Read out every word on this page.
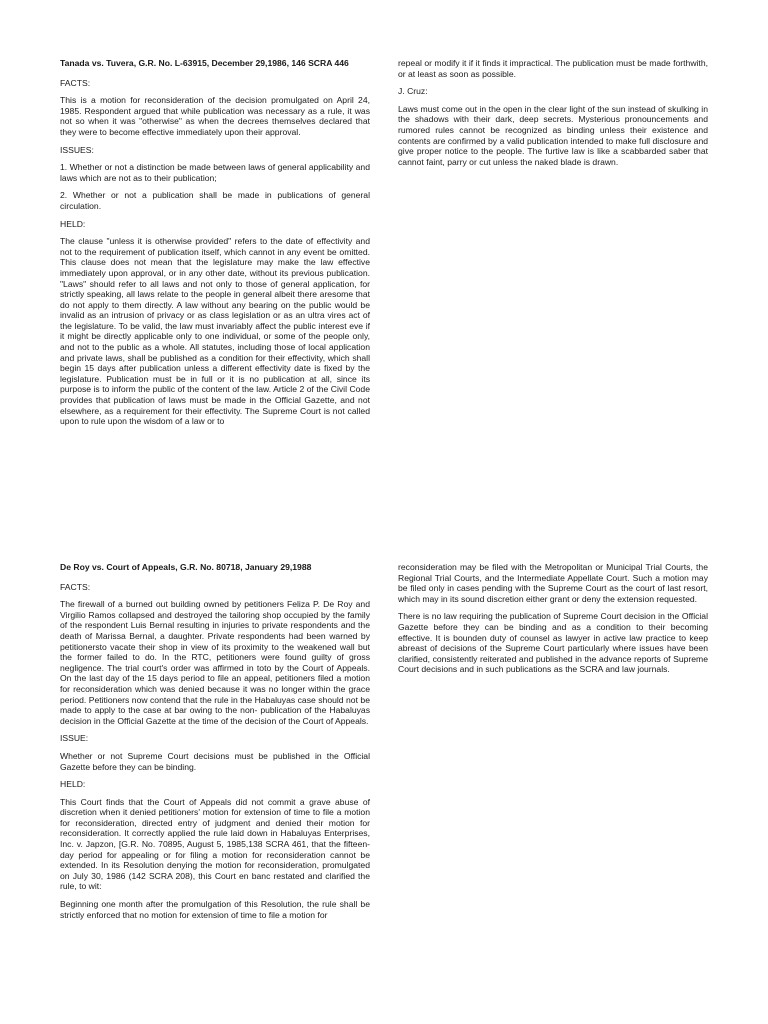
Tanada vs. Tuvera, G.R. No. L-63915, December 29,1986, 146 SCRA 446

FACTS:

This is a motion for reconsideration of the decision promulgated on April 24, 1985. Respondent argued that while publication was necessary as a rule, it was not so when it was "otherwise" as when the decrees themselves declared that they were to become effective immediately upon their approval.

ISSUES:

1. Whether or not a distinction be made between laws of general applicability and laws which are not as to their publication;

2. Whether or not a publication shall be made in publications of general circulation.

HELD:

The clause "unless it is otherwise provided" refers to the date of effectivity and not to the requirement of publication itself, which cannot in any event be omitted. This clause does not mean that the legislature may make the law effective immediately upon approval, or in any other date, without its previous publication. "Laws" should refer to all laws and not only to those of general application, for strictly speaking, all laws relate to the people in general albeit there aresome that do not apply to them directly. A law without any bearing on the public would be invalid as an intrusion of privacy or as class legislation or as an ultra vires act of the legislature. To be valid, the law must invariably affect the public interest eve if it might be directly applicable only to one individual, or some of the people only, and not to the public as a whole. All statutes, including those of local application and private laws, shall be published as a condition for their effectivity, which shall begin 15 days after publication unless a different effectivity date is fixed by the legislature. Publication must be in full or it is no publication at all, since its purpose is to inform the public of the content of the law. Article 2 of the Civil Code provides that publication of laws must be made in the Official Gazette, and not elsewhere, as a requirement for their effectivity. The Supreme Court is not called upon to rule upon the wisdom of a law or to

repeal or modify it if it finds it impractical. The publication must be made forthwith, or at least as soon as possible.

J. Cruz:

Laws must come out in the open in the clear light of the sun instead of skulking in the shadows with their dark, deep secrets. Mysterious pronouncements and rumored rules cannot be recognized as binding unless their existence and contents are confirmed by a valid publication intended to make full disclosure and give proper notice to the people. The furtive law is like a scabbarded saber that cannot faint, parry or cut unless the naked blade is drawn.

De Roy vs. Court of Appeals, G.R. No. 80718, January 29,1988

FACTS:

The firewall of a burned out building owned by petitioners Feliza P. De Roy and Virgilio Ramos collapsed and destroyed the tailoring shop occupied by the family of the respondent Luis Bernal resulting in injuries to private respondents and the death of Marissa Bernal, a daughter. Private respondents had been warned by petitionersto vacate their shop in view of its proximity to the weakened wall but the former failed to do. In the RTC, petitioners were found guilty of gross negligence. The trial court's order was affirmed in toto by the Court of Appeals. On the last day of the 15 days period to file an appeal, petitioners filed a motion for reconsideration which was denied because it was no longer within the grace period. Petitioners now contend that the rule in the Habaluyas case should not be made to apply to the case at bar owing to the non- publication of the Habaluyas decision in the Official Gazette at the time of the decision of the Court of Appeals.

ISSUE:

Whether or not Supreme Court decisions must be published in the Official Gazette before they can be binding.

HELD:

This Court finds that the Court of Appeals did not commit a grave abuse of discretion when it denied petitioners' motion for extension of time to file a motion for reconsideration, directed entry of judgment and denied their motion for reconsideration. It correctly applied the rule laid down in Habaluyas Enterprises, Inc. v. Japzon, [G.R. No. 70895, August 5, 1985,138 SCRA 461, that the fifteen- day period for appealing or for filing a motion for reconsideration cannot be extended. In its Resolution denying the motion for reconsideration, promulgated on July 30, 1986 (142 SCRA 208), this Court en banc restated and clarified the rule, to wit:

Beginning one month after the promulgation of this Resolution, the rule shall be strictly enforced that no motion for extension of time to file a motion for

reconsideration may be filed with the Metropolitan or Municipal Trial Courts, the Regional Trial Courts, and the Intermediate Appellate Court. Such a motion may be filed only in cases pending with the Supreme Court as the court of last resort, which may in its sound discretion either grant or deny the extension requested.

There is no law requiring the publication of Supreme Court decision in the Official Gazette before they can be binding and as a condition to their becoming effective. It is bounden duty of counsel as lawyer in active law practice to keep abreast of decisions of the Supreme Court particularly where issues have been clarified, consistently reiterated and published in the advance reports of Supreme Court decisions and in such publications as the SCRA and law journals.
